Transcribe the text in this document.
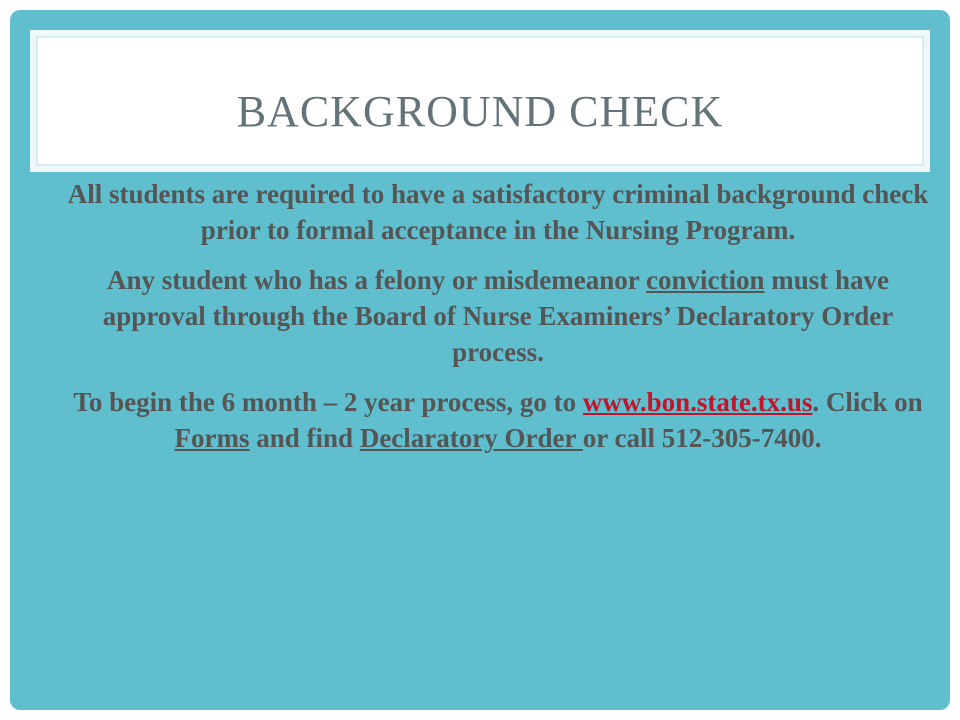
BACKGROUND CHECK

All students are required to have a satisfactory criminal background check prior to formal acceptance in the Nursing Program.

Any student who has a felony or misdemeanor conviction must have approval through the Board of Nurse Examiners’ Declaratory Order process.

To begin the 6 month – 2 year process, go to www.bon.state.tx.us. Click on Forms and find Declaratory Order or call 512-305-7400.
